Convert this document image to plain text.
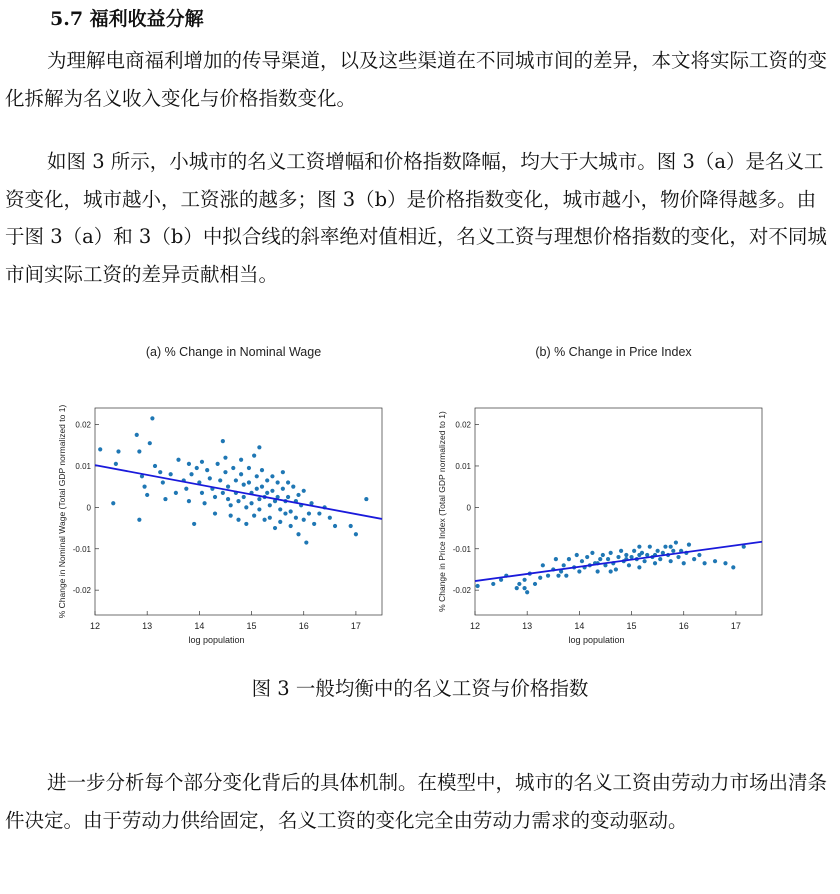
5.7 福利收益分解

为理解电商福利增加的传导渠道，以及这些渠道在不同城市间的差异，本文将实际工资的变化拆解为名义收入变化与价格指数变化。

如图 3 所示，小城市的名义工资增幅和价格指数降幅，均大于大城市。图 3（a）是名义工资变化，城市越小，工资涨的越多；图 3（b）是价格指数变化，城市越小，物价降得越多。由于图 3（a）和 3（b）中拟合线的斜率绝对值相近，名义工资与理想价格指数的变化，对不同城市间实际工资的差异贡献相当。

(a) % Change in Nominal Wage
12	13	14	15	16	17
-0.02
-0.01
0
0.01
0.02
log population
% Change in Nominal Wage (Total GDP normalized to 1)
(b) % Change in Price Index
12	13	14	15	16	17
-0.02
-0.01
0
0.01
0.02
log population
% Change in Price Index (Total GDP normalized to 1)
图 3 一般均衡中的名义工资与价格指数

进一步分析每个部分变化背后的具体机制。在模型中，城市的名义工资由劳动力市场出清条件决定。由于劳动力供给固定，名义工资的变化完全由劳动力需求的变动驱动。
